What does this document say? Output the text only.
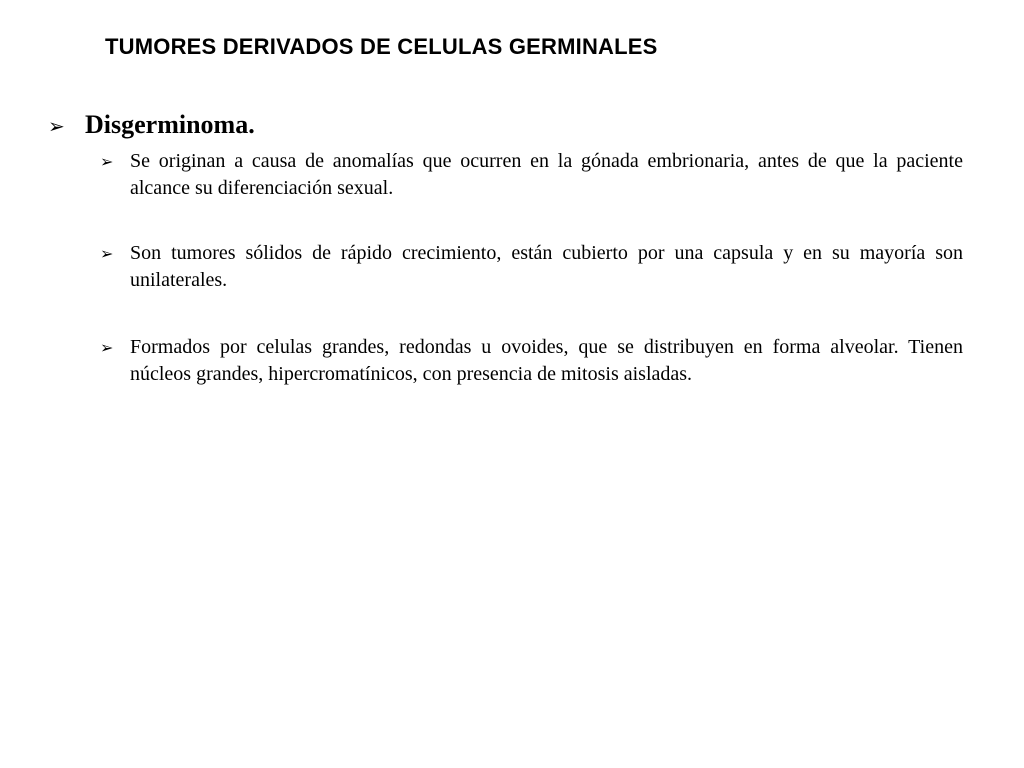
TUMORES DERIVADOS DE CELULAS GERMINALES
➢ Disgerminoma.
➢ Se originan a causa de anomalías que ocurren en la gónada embrionaria, antes de que la paciente alcance su diferenciación sexual.
➢ Son tumores sólidos de rápido crecimiento, están cubierto por una capsula y en su mayoría son unilaterales.
➢ Formados por celulas grandes, redondas u ovoides, que se distribuyen en forma alveolar. Tienen núcleos grandes, hipercromatínicos, con presencia de mitosis aisladas.
